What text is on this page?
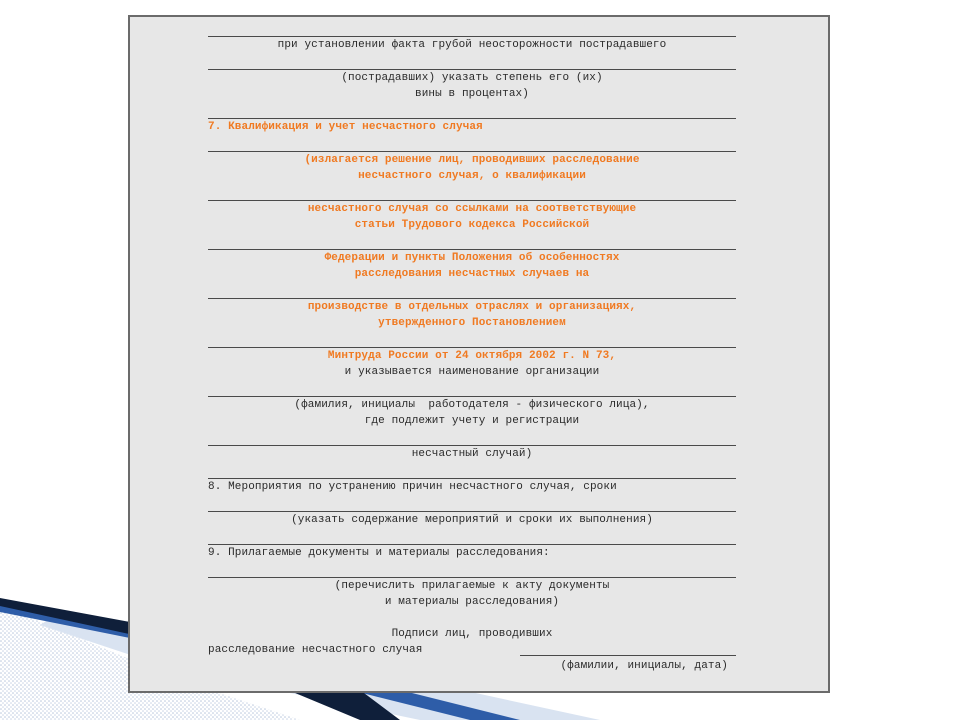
при установлении факта грубой неосторожности пострадавшего
(пострадавших) указать степень его (их)
вины в процентах)
7. Квалификация и учет несчастного случая
(излагается решение лиц, проводивших расследование
несчастного случая, о квалификации
несчастного случая со ссылками на соответствующие
статьи Трудового кодекса Российской
Федерации и пункты Положения об особенностях
расследования несчастных случаев на
производстве в отдельных отраслях и организациях,
утвержденного Постановлением
Минтруда России от 24 октября 2002 г. N 73,
и указывается наименование организации
(фамилия, инициалы  работодателя - физического лица),
где подлежит учету и регистрации
несчастный случай)
8. Мероприятия по устранению причин несчастного случая, сроки
(указать содержание мероприятий и сроки их выполнения)
9. Прилагаемые документы и материалы расследования:
(перечислить прилагаемые к акту документы
и материалы расследования)
Подписи лиц, проводивших
расследование несчастного случая
(фамилии, инициалы, дата)
